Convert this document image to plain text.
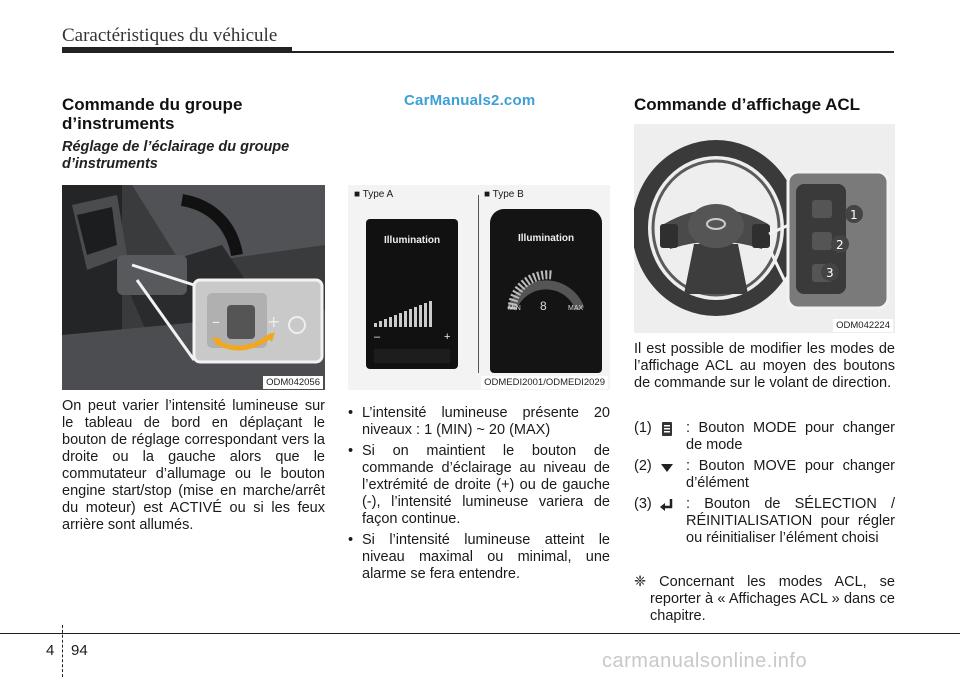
Caractéristiques du véhicule
CarManuals2.com
Commande du groupe d’instruments
Réglage de l’éclairage du groupe d’instruments
–	+
ODM042056
On peut varier l’intensité lumineuse sur le tableau de bord en déplaçant le bouton de réglage correspondant vers la droite ou la gauche alors que le commutateur d’allumage ou le bouton engine start/stop (mise en marche/arrêt du moteur) est ACTIVÉ ou si les feux arrière sont allumés.
■ Type A	■ Type B
Illumination
–	+
Illumination
MIN 8	MAX
ODMEDI2001/ODMEDI2029
• L’intensité lumineuse présente 20 niveaux : 1 (MIN) ~ 20 (MAX)
• Si on maintient le bouton de commande d’éclairage au niveau de l’extrémité de droite (+) ou de gauche (-), l’intensité lumineuse variera de façon continue.
• Si l’intensité lumineuse atteint le niveau maximal ou minimal, une alarme se fera entendre.
Commande d’affichage ACL
1
2
3
ODM042224
Il est possible de modifier les modes de l’affichage ACL au moyen des boutons de commande sur le volant de direction.
(1) : Bouton MODE pour changer de mode
(2) : Bouton MOVE pour changer d’élément
(3) : Bouton de SÉLECTION / RÉINITIALISATION pour régler ou réinitialiser l’élément choisi
❈ Concernant les modes ACL, se reporter à « Affichages ACL » dans ce chapitre.
4 94	carmanualsonline.info
